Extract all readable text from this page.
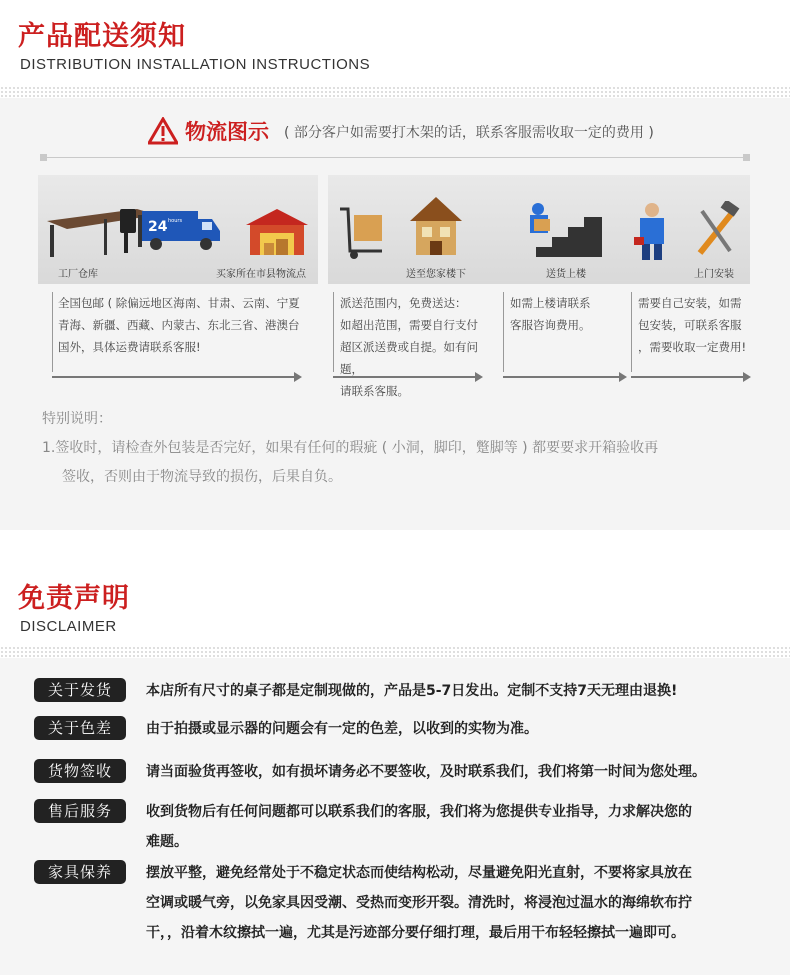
产品配送须知
DISTRIBUTION INSTALLATION INSTRUCTIONS
物流图示 ( 部分客户如需要打木架的话，联系客服需收取一定的费用 )
24 hours
工厂仓库	买家所在市县物流点	送至您家楼下	送货上楼	上门安装
全国包邮 ( 除偏远地区海南、甘肃、云南、宁夏
青海、新疆、西藏、内蒙古、东北三省、港澳台
国外，具体运费请联系客服!
派送范围内，免费送达：
如超出范围，需要自行支付
超区派送费或自提。如有问题，
请联系客服。
如需上楼请联系
客服咨询费用。
需要自己安装，如需
包安装，可联系客服
，需要收取一定费用!
特别说明：
1.签收时，请检查外包装是否完好，如果有任何的瑕疵 ( 小洞，脚印，蹩脚等 ) 都要要求开箱验收再
签收，否则由于物流导致的损伤，后果自负。
免责声明
DISCLAIMER
关于发货	本店所有尺寸的桌子都是定制现做的，产品是5-7日发出。定制不支持7天无理由退换!
关于色差	由于拍摄或显示器的问题会有一定的色差，以收到的实物为准。
货物签收	请当面验货再签收，如有损坏请务必不要签收，及时联系我们，我们将第一时间为您处理。
售后服务	收到货物后有任何问题都可以联系我们的客服，我们将为您提供专业指导，力求解决您的
难题。
家具保养	摆放平整，避免经常处于不稳定状态而使结构松动，尽量避免阳光直射，不要将家具放在
空调或暖气旁，以免家具因受潮、受热而变形开裂。清洗时，将浸泡过温水的海绵软布拧
干，，沿着木纹擦拭一遍，尤其是污迹部分要仔细打理，最后用干布轻轻擦拭一遍即可。
